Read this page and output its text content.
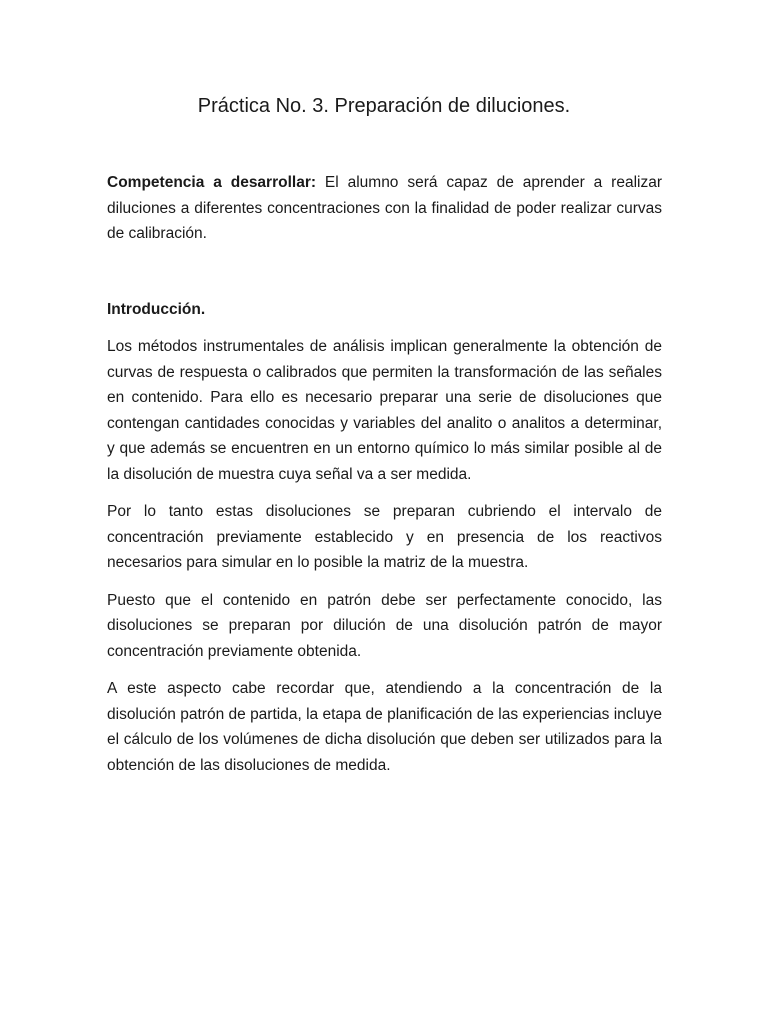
Práctica No. 3. Preparación de diluciones.

Competencia a desarrollar: El alumno será capaz de aprender a realizar diluciones a diferentes concentraciones con la finalidad de poder realizar curvas de calibración.

Introducción.

Los métodos instrumentales de análisis implican generalmente la obtención de curvas de respuesta o calibrados que permiten la transformación de las señales en contenido. Para ello es necesario preparar una serie de disoluciones que contengan cantidades conocidas y variables del analito o analitos a determinar, y que además se encuentren en un entorno químico lo más similar posible al de la disolución de muestra cuya señal va a ser medida.

Por lo tanto estas disoluciones se preparan cubriendo el intervalo de concentración previamente establecido y en presencia de los reactivos necesarios para simular en lo posible la matriz de la muestra.

Puesto que el contenido en patrón debe ser perfectamente conocido, las disoluciones se preparan por dilución de una disolución patrón de mayor concentración previamente obtenida.

A este aspecto cabe recordar que, atendiendo a la concentración de la disolución patrón de partida, la etapa de planificación de las experiencias incluye el cálculo de los volúmenes de dicha disolución que deben ser utilizados para la obtención de las disoluciones de medida.
